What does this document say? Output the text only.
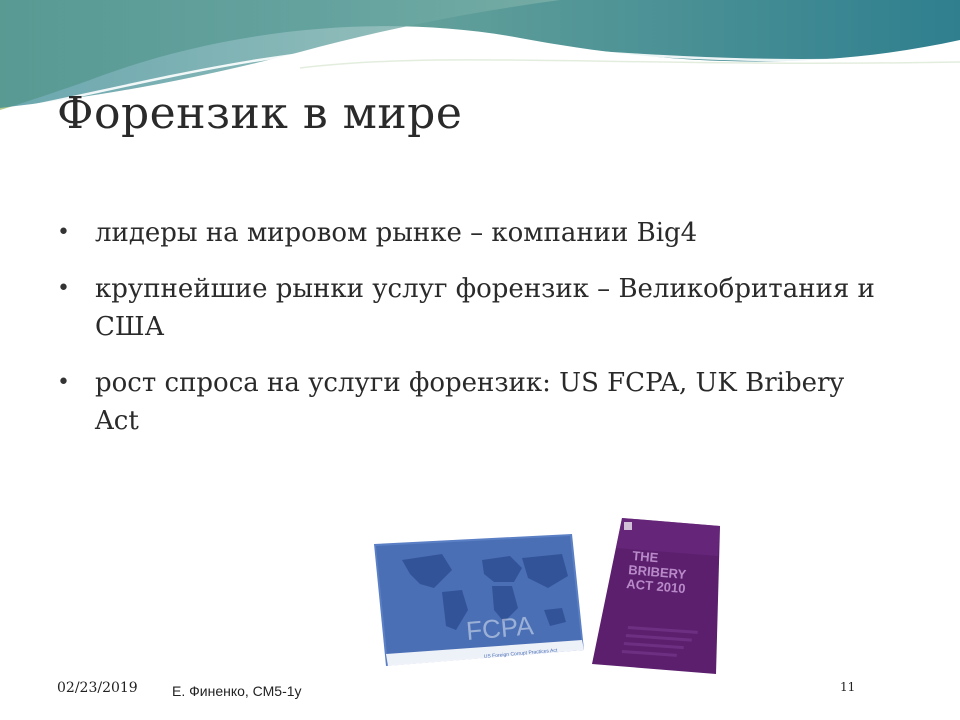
Форензик в мире
• лидеры на мировом рынке – компании Big4
• крупнейшие рынки услуг форензик – Великобритания и США
• рост спроса на услуги форензик: US FCPA, UK Bribery Act
FCPA
US Foreign Corrupt Practices Act
THE
BRIBERY
ACT 2010
02/23/2019 Е. Финенко, СМ5-1у	11
